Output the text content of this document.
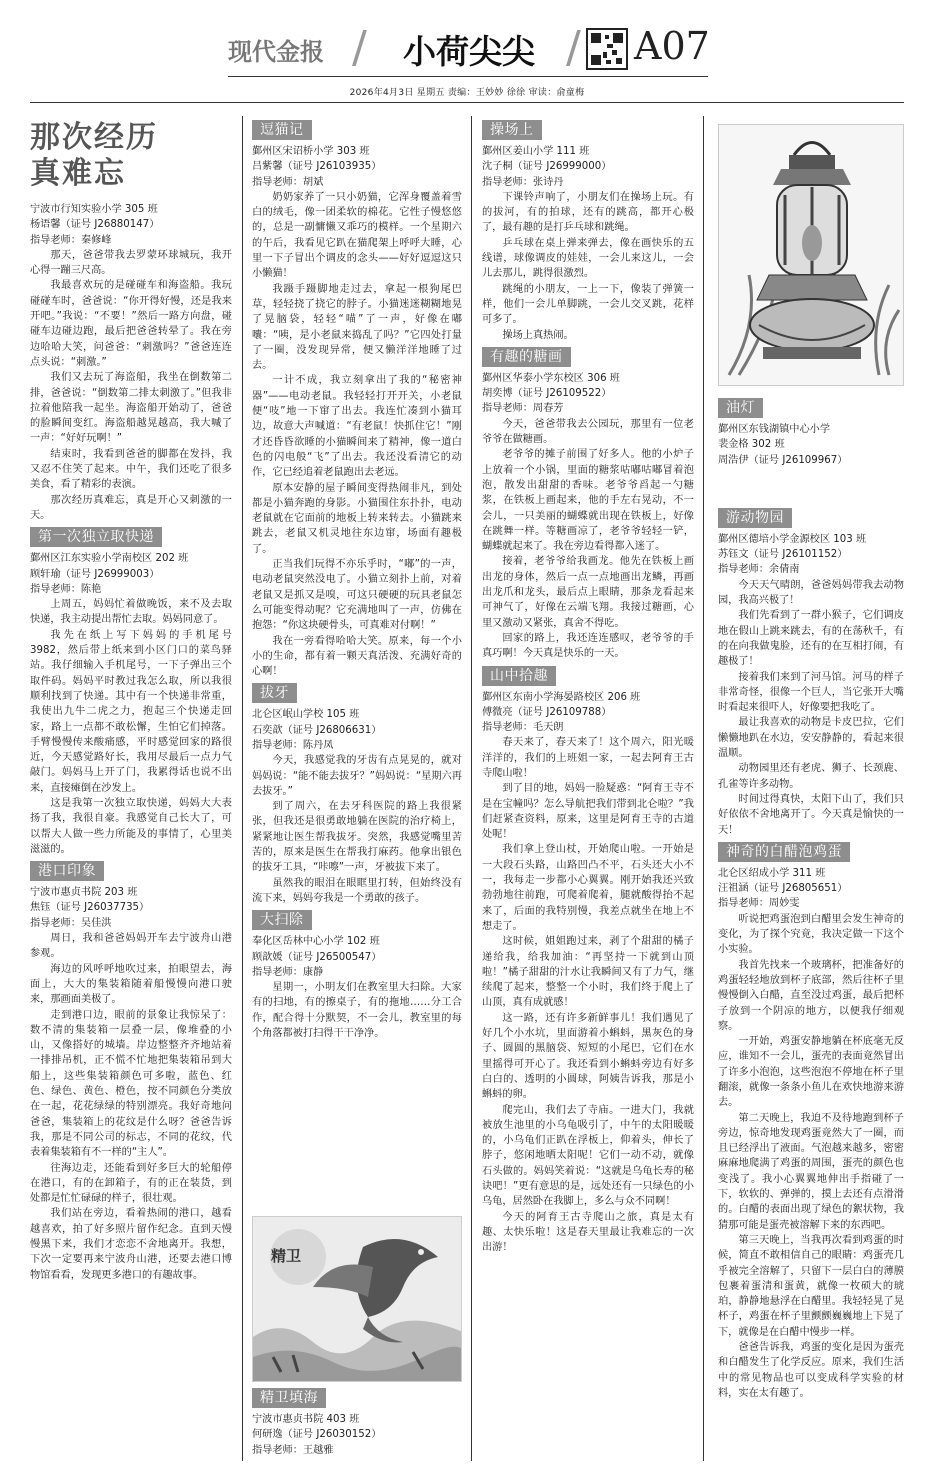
现代金报 / 小荷尖尖 / A07
2026年4月3日 星期五 责编：王妙妙 徐徐 审读：俞童梅
那次经历
真难忘

宁波市行知实验小学 305 班

杨语馨（证号 J26880147）

指导老师：秦修峰

那天，爸爸带我去罗蒙环球城玩，我开心得一蹦三尺高。

我最喜欢玩的是碰碰车和海盗船。我玩碰碰车时，爸爸说：“你开得好慢，还是我来开吧。”我说：“不要！”然后一路方向盘，碰碰车边碰边跑，最后把爸爸转晕了。我在旁边哈哈大笑，问爸爸：“刺激吗？”爸爸连连点头说：“刺激。”

我们又去玩了海盗船，我坐在倒数第二排，爸爸说：“倒数第二排太刺激了。”但我非拉着他陪我一起坐。海盗船开始动了，爸爸的脸瞬间变红。海盗船越晃越高，我大喊了一声：“好好玩啊！”

结束时，我看到爸爸的脚都在发抖，我又忍不住笑了起来。中午，我们还吃了很多美食，看了精彩的表演。

那次经历真难忘，真是开心又刺激的一天。

第一次独立取快递

鄞州区江东实验小学南校区 202 班

顾轩瑜（证号 J26999003）

指导老师：陈艳

上周五，妈妈忙着做晚饭，来不及去取快递，我主动提出帮忙去取。妈妈同意了。

我先在纸上写下妈妈的手机尾号 3982，然后带上纸来到小区门口的菜鸟驿站。我仔细输入手机尾号，一下子弹出三个取件码。妈妈平时教过我怎么取，所以我很顺利找到了快递。其中有一个快递非常重，我使出九牛二虎之力，抱起三个快递走回家，路上一点都不敢松懈，生怕它们掉落。手臂慢慢传来酸痛感，平时感觉回家的路很近，今天感觉路好长，我用尽最后一点力气敲门。妈妈马上开了门，我累得话也说不出来，直接瘫倒在沙发上。

这是我第一次独立取快递，妈妈大大表扬了我，我很自豪。我感觉自己长大了，可以帮大人做一些力所能及的事情了，心里美滋滋的。

港口印象

宁波市惠贞书院 203 班

焦钰（证号 J26037735）

指导老师：吴佳洪

周日，我和爸爸妈妈开车去宁波舟山港参观。

海边的风呼呼地吹过来，拍眼望去，海面上，大大的集装箱随着船慢慢向港口驶来，那画面美极了。

走到港口边，眼前的景象让我惊呆了：数不清的集装箱一层叠一层，像堆叠的小山，又像搭好的城墙。岸边整整齐齐地站着一排排吊机，正不慌不忙地把集装箱吊到大船上，这些集装箱颜色可多啦，蓝色、红色、绿色、黄色、橙色，按不同颜色分类放在一起，花花绿绿的特别漂亮。我好奇地问爸爸，集装箱上的花纹是什么呀？爸爸告诉我，那是不同公司的标志，不同的花纹，代表着集装箱有不一样的“主人”。

往海边走，还能看到好多巨大的轮船停在港口，有的在卸箱子，有的正在装货，到处都是忙忙碌碌的样子，很壮观。

我们站在旁边，看着热闹的港口，越看越喜欢，拍了好多照片留作纪念。直到天慢慢黑下来，我们才恋恋不舍地离开。我想，下次一定要再来宁波舟山港，还要去港口博物馆看看，发现更多港口的有趣故事。

逗猫记

鄞州区宋诏桥小学 303 班

吕紫馨（证号 J26103935）

指导老师：胡斌

奶奶家养了一只小奶猫，它浑身覆盖着雪白的绒毛，像一团柔软的棉花。它性子慢悠悠的，总是一副慵懒又乖巧的模样。一个星期六的午后，我看见它趴在猫爬架上呼呼大睡，心里一下子冒出个调皮的念头——好好逗逗这只小懒猫！

我蹑手蹑脚地走过去，拿起一根狗尾巴草，轻轻挠了挠它的脖子。小猫迷迷糊糊地晃了晃脑袋，轻轻“喵”了一声，好像在嘟囔：“咦，是小老鼠来捣乱了吗？”它四处打量了一圈，没发现异常，便又懒洋洋地睡了过去。

一计不成，我立刻拿出了我的“秘密神器”——电动老鼠。我轻轻打开开关，小老鼠便“吱”地一下窜了出去。我连忙凑到小猫耳边，故意大声喊道：“有老鼠！快抓住它！”刚才还昏昏欲睡的小猫瞬间来了精神，像一道白色的闪电般“飞”了出去。我还没看清它的动作，它已经追着老鼠跑出去老远。

原本安静的屋子瞬间变得热闹非凡，到处都是小猫奔跑的身影。小猫围住东扑扑，电动老鼠就在它面前的地板上转来转去。小猫跳来跳去，老鼠又机灵地往东边窜，场面有趣极了。

正当我们玩得不亦乐乎时，“嘟”的一声，电动老鼠突然没电了。小猫立刻扑上前，对着老鼠又是抓又是嗅，可这只硬硬的玩具老鼠怎么可能变得动呢？它充满地叫了一声，仿佛在抱怨：“你这块硬骨头，可真难对付啊！”

我在一旁看得哈哈大笑。原来，每一个小小的生命，都有着一颗天真活泼、充满好奇的心啊！

拔牙

北仑区岷山学校 105 班

石奕歆（证号 J26806631）

指导老师：陈丹凤

今天，我感觉我的牙齿有点晃晃的，就对妈妈说：“能不能去拔牙？”妈妈说：“星期六再去拔牙。”

到了周六，在去牙科医院的路上我很紧张，但我还是很勇敢地躺在医院的治疗椅上，紧紧地让医生帮我拔牙。突然，我感觉嘴里苦苦的，原来是医生在帮我打麻药。他拿出银色的拔牙工具，“咔嚓”一声，牙被拔下来了。

虽然我的眼泪在眼眶里打转，但始终没有流下来，妈妈夸我是一个勇敢的孩子。

大扫除

奉化区岳林中心小学 102 班

顾歆媛（证号 J26500547）

指导老师：康静

星期一，小明友们在教室里大扫除。大家有的扫地，有的擦桌子，有的拖地……分工合作，配合得十分默契，不一会儿，教室里的每个角落都被打扫得干干净净。

精卫
精卫填海

宁波市惠贞书院 403 班

何研逸（证号 J26030152）

指导老师：王越雅

操场上

鄞州区姜山小学 111 班

沈子桐（证号 J26999000）

指导老师：张诗丹

下课铃声响了，小朋友们在操场上玩。有的拔河，有的拍球，还有的跳高，都开心极了，最有趣的是打乒乓球和跳绳。

乒乓球在桌上弹来弹去，像在画快乐的五线谱，球像调皮的娃娃，一会儿来这儿，一会儿去那儿，跳得很激烈。

跳绳的小朋友，一上一下，像装了弹簧一样，他们一会儿单脚跳，一会儿交叉跳，花样可多了。

操场上真热闹。

有趣的糖画

鄞州区华泰小学东校区 306 班

胡奕博（证号 J26109522）

指导老师：周春芳

今天，爸爸带我去公园玩，那里有一位老爷爷在做糖画。

老爷爷的摊子前围了好多人。他的小炉子上放着一个小锅，里面的糖浆咕嘟咕嘟冒着泡泡，散发出甜甜的香味。老爷爷舀起一勺糖浆，在铁板上画起来，他的手左右晃动，不一会儿，一只美丽的蝴蝶就出现在铁板上，好像在跳舞一样。等糖画凉了，老爷爷轻轻一铲，蝴蝶就起来了。我在旁边看得都入迷了。

接着，老爷爷给我画龙。他先在铁板上画出龙的身体，然后一点一点地画出龙鳞，再画出龙爪和龙头，最后点上眼睛，那条龙看起来可神气了，好像在云端飞翔。我接过糖画，心里又激动又紧张，真舍不得吃。

回家的路上，我还连连感叹，老爷爷的手真巧啊！今天真是快乐的一天。

山中拾趣

鄞州区东南小学海晏路校区 206 班

傅微亮（证号 J26109788）

指导老师：毛天朗

春天来了，春天来了！这个周六，阳光暖洋洋的，我们的上班姐一家，一起去阿育王古寺爬山啦！

到了目的地，妈妈一脸疑惑：“阿育王寺不是在宝幢吗？怎么导航把我们带到北仑啦？”我们赶紧查资料，原来，这里是阿育王寺的古道处呢！

我们拿上登山杖，开始爬山啦。一开始是一大段石头路，山路凹凸不平，石头还大小不一，我每走一步都小心翼翼。刚开始我还兴致勃勃地往前跑，可爬着爬着，腿就酸得抬不起来了，后面的我特别慢，我差点就坐在地上不想走了。

这时候，姐姐跑过来，剥了个甜甜的橘子递给我，给我加油：“再坚持一下就到山顶啦！”橘子甜甜的汁水让我瞬间又有了力气，继续爬了起来，整整一个小时，我们终于爬上了山顶，真有成就感！

这一路，还有许多新鲜事儿！我们遇见了好几个小水坑，里面游着小蝌蚪，黑灰色的身子、圆圆的黑脑袋、短短的小尾巴，它们在水里摇得可开心了。我还看到小蝌蚪旁边有好多白白的、透明的小圆球，阿姨告诉我，那是小蝌蚪的卵。

爬完山，我们去了寺庙。一进大门，我就被放生池里的小乌龟吸引了，中午的太阳暖暖的，小乌龟们正趴在浮板上，仰着头，伸长了脖子，悠闲地晒太阳呢！它们一动不动，就像石头做的。妈妈笑着说：“这就是乌龟长寿的秘诀吧！”更有意思的是，远处还有一只绿色的小乌龟，居然卧在我脚上，多么与众不同啊！

今天的阿育王古寺爬山之旅，真是太有趣、太快乐啦！这是春天里最让我难忘的一次出游！

油灯

鄞州区东钱湖镇中心小学

裴金格 302 班

周浩伊（证号 J26109967）

游动物园

鄞州区德培小学金源校区 103 班

苏钰文（证号 J26101152）

指导老师：余倩南

今天天气晴朗，爸爸妈妈带我去动物园，我高兴极了！

我们先看到了一群小猴子，它们调皮地在假山上跳来跳去，有的在荡秋千，有的在向我做鬼脸，还有的在互相打闹，有趣极了！

接着我们来到了河马馆。河马的样子非常奇怪，很像一个巨人，当它张开大嘴时看起来很吓人，好像要把我吃了。

最让我喜欢的动物是卡皮巴拉，它们懒懒地趴在水边，安安静静的，看起来很温顺。

动物园里还有老虎、狮子、长颈鹿、孔雀等许多动物。

时间过得真快，太阳下山了，我们只好依依不舍地离开了。今天真是愉快的一天！

神奇的白醋泡鸡蛋

北仑区绍成小学 311 班

汪祖涵（证号 J26805651）

指导老师：周妙雯

听说把鸡蛋泡到白醋里会发生神奇的变化，为了探个究竟，我决定做一下这个小实验。

我首先找来一个玻璃杯，把准备好的鸡蛋轻轻地放到杯子底部，然后往杯子里慢慢倒入白醋，直至没过鸡蛋，最后把杯子放到一个阴凉的地方，以便我仔细观察。

一开始，鸡蛋安静地躺在杯底毫无反应，谁知不一会儿，蛋壳的表面竟然冒出了许多小泡泡，这些泡泡不停地在杯子里翻滚，就像一条条小鱼儿在欢快地游来游去。

第二天晚上，我迫不及待地跑到杯子旁边，惊奇地发现鸡蛋竟然大了一圈，而且已经浮出了液面。气泡越来越多，密密麻麻地爬满了鸡蛋的周围，蛋壳的颜色也变浅了。我小心翼翼地伸出手指碰了一下，软软的、弹弹的，摸上去还有点滑滑的。白醋的表面出现了绿色的絮状物，我猜那可能是蛋壳被溶解下来的东西吧。

第三天晚上，当我再次看到鸡蛋的时候，简直不敢相信自己的眼睛：鸡蛋壳几乎被完全溶解了，只留下一层白白的薄膜包裹着蛋清和蛋黄，就像一枚硕大的琥珀，静静地悬浮在白醋里。我轻轻晃了晃杯子，鸡蛋在杯子里颤颤巍巍地上下晃了下，就像是在白醋中慢步一样。

爸爸告诉我，鸡蛋的变化是因为蛋壳和白醋发生了化学反应。原来，我们生活中的常见物品也可以变成科学实验的材料，实在太有趣了。
